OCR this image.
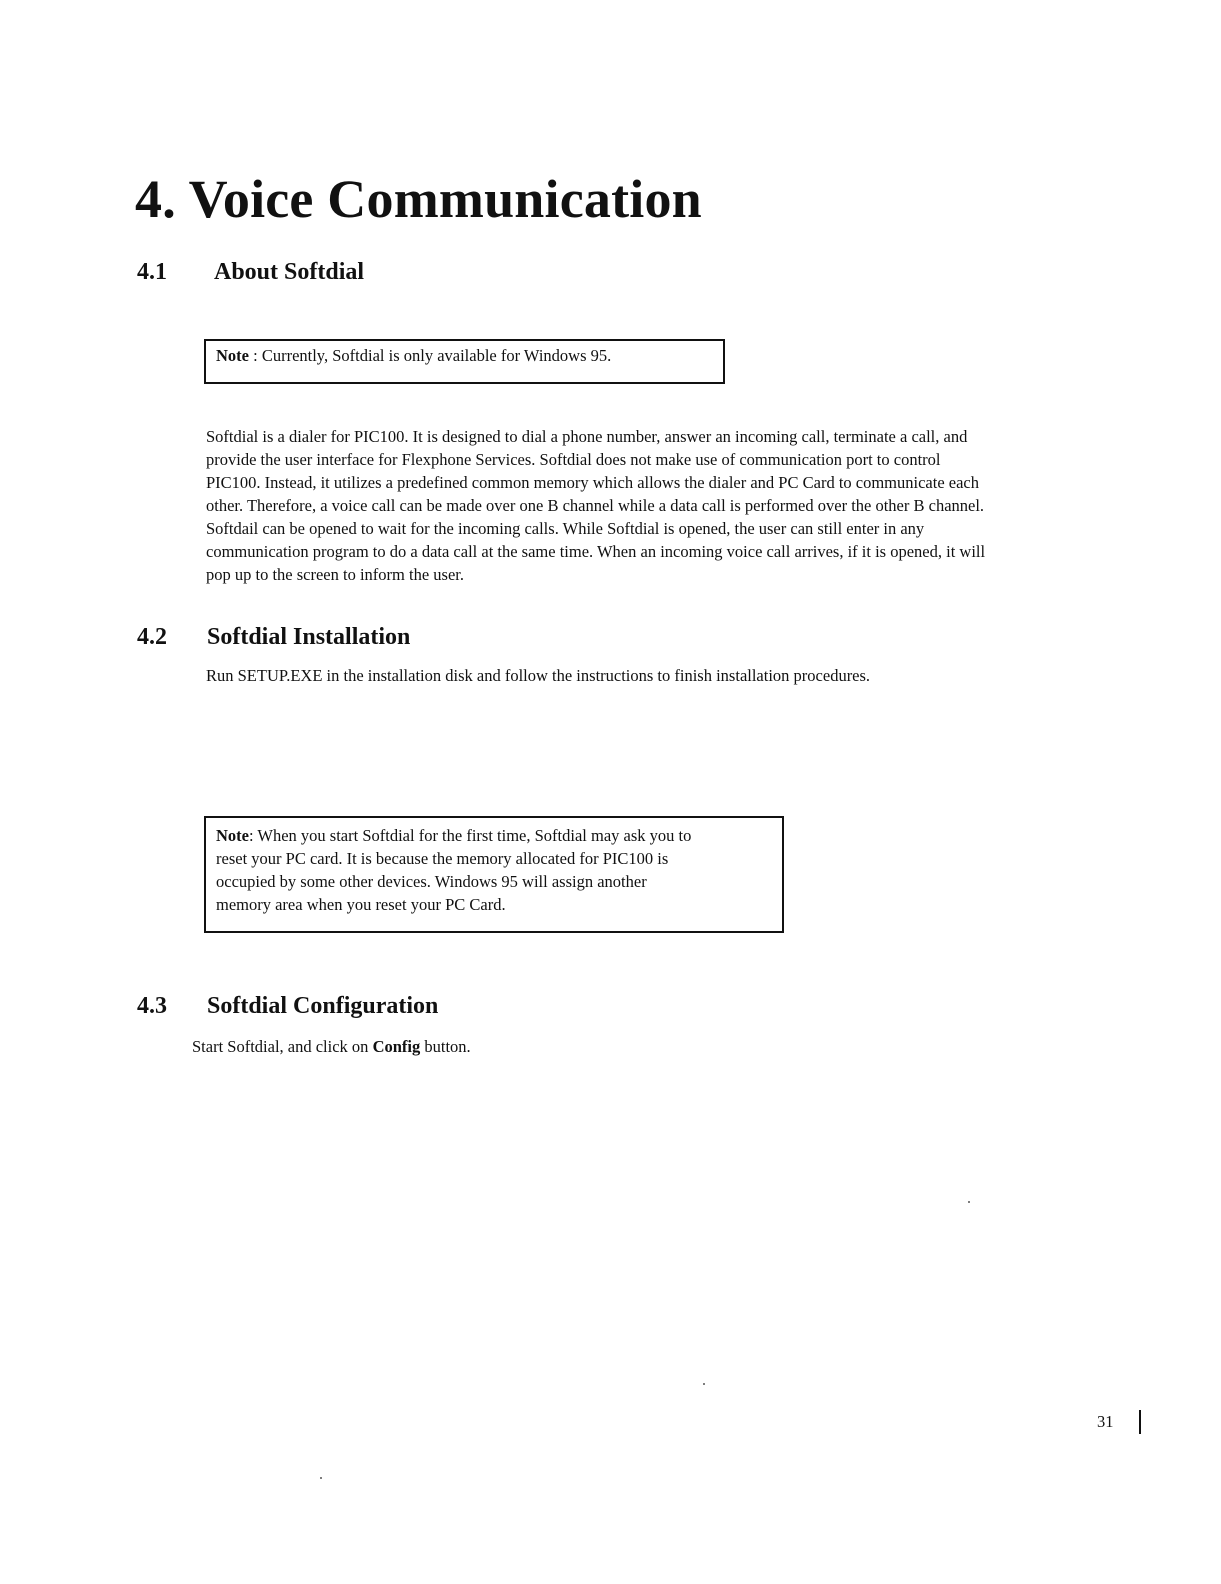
4. Voice Communication
4.1 About Softdial
Note : Currently, Softdial is only available for Windows 95.
Softdial is a dialer for PIC100. It is designed to dial a phone number, answer an incoming call, terminate a call, and
provide the user interface for Flexphone Services. Softdial does not make use of communication port to control
PIC100. Instead, it utilizes a predefined common memory which allows the dialer and PC Card to communicate each
other. Therefore, a voice call can be made over one B channel while a data call is performed over the other B channel.
Softdail can be opened to wait for the incoming calls. While Softdial is opened, the user can still enter in any
communication program to do a data call at the same time. When an incoming voice call arrives, if it is opened, it will
pop up to the screen to inform the user.
4.2 Softdial Installation
Run SETUP.EXE in the installation disk and follow the instructions to finish installation procedures.
Note: When you start Softdial for the first time, Softdial may ask you to
reset your PC card. It is because the memory allocated for PIC100 is
occupied by some other devices. Windows 95 will assign another
memory area when you reset your PC Card.
4.3 Softdial Configuration
Start Softdial, and click on Config button.
31
